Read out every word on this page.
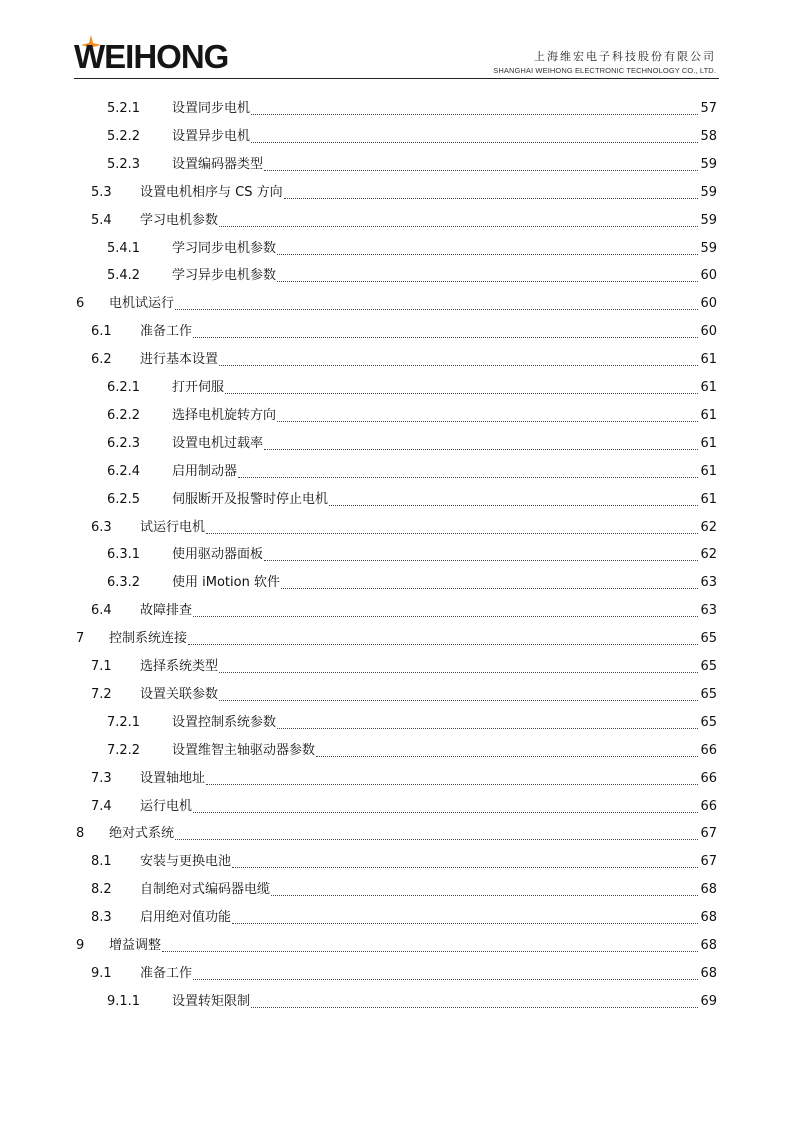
WEIHONG	上海维宏电子科技股份有限公司
SHANGHAI WEIHONG ELECTRONIC TECHNOLOGY CO., LTD.
5.2.1	设置同步电机	57
5.2.2	设置异步电机	58
5.2.3	设置编码器类型	59
5.3	设置电机相序与 CS 方向	59
5.4	学习电机参数	59
5.4.1	学习同步电机参数	59
5.4.2	学习异步电机参数	60
6	电机试运行	60
6.1	准备工作	60
6.2	进行基本设置	61
6.2.1	打开伺服	61
6.2.2	选择电机旋转方向	61
6.2.3	设置电机过载率	61
6.2.4	启用制动器	61
6.2.5	伺服断开及报警时停止电机	61
6.3	试运行电机	62
6.3.1	使用驱动器面板	62
6.3.2	使用 iMotion 软件	63
6.4	故障排查	63
7	控制系统连接	65
7.1	选择系统类型	65
7.2	设置关联参数	65
7.2.1	设置控制系统参数	65
7.2.2	设置维智主轴驱动器参数	66
7.3	设置轴地址	66
7.4	运行电机	66
8	绝对式系统	67
8.1	安装与更换电池	67
8.2	自制绝对式编码器电缆	68
8.3	启用绝对值功能	68
9	增益调整	68
9.1	准备工作	68
9.1.1	设置转矩限制	69
